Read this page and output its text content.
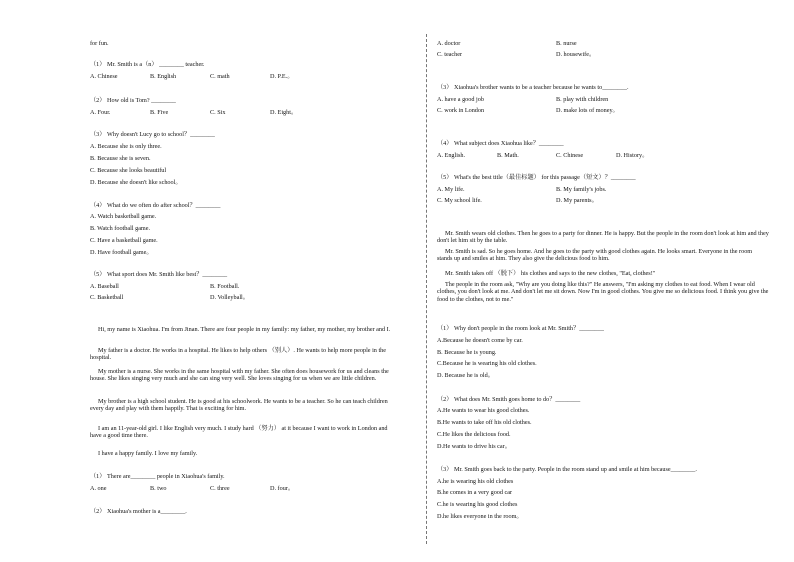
for fun.
（1） Mr. Smith is a（n） ________ teacher.
A. Chinese	B. English	C. math	D. P.E.。
（2） How old is Tom? ________
A. Four.	B. Five	C. Six	D. Eight。
（3） Why doesn't Lucy go to school？________
A. Because she is only three.
B. Because she is seven.
C. Because she looks beautiful
D. Because she doesn't like school。
（4） What do we often do after school？________
A. Watch basketball game.
B. Watch football game.
C. Have a basketball game.
D. Have football game。
（5） What sport does Mr. Smith like best？________
A. Baseball	B. Football.
C. Basketball	D. Volleyball。
Hi, my name is Xiaohua. I'm from Jinan. There are four people in my family: my father, my mother, my brother and I.
My father is a doctor. He works in a hospital. He likes to help others （别人）. He wants to help more people in the hospital.
My mother is a nurse. She works in the same hospital with my father. She often does housework for us and cleans the house. She likes singing very much and she can sing very well. She loves singing for us when we are little children.
My brother is a high school student. He is good at his schoolwork. He wants to be a teacher. So he can teach children every day and play with them happily. That is exciting for him.
I am an 11-year-old girl. I like English very much. I study hard （努力） at it because I want to work in London and have a good time there.
I have a happy family. I love my family.
（1） There are________ people in Xiaohua's family.
A. one	B. two	C. three	D. four。
（2） Xiaohua's mother is a________.
A. doctor	B. nurse
C. teacher	D. housewife。
（3） Xiaohua's brother wants to be a teacher because he wants to________.
A. have a good job	B. play with children
C. work in London	D. make lots of money。
（4） What subject does Xiaohua like？________
A. English.	B. Math.	C. Chinese	D. History。
（5） What's the best title（最佳标题） for this passage（短文）？________
A. My life.	B. My family's jobs.
C. My school life.	D. My parents。
Mr. Smith wears old clothes. Then he goes to a party for dinner. He is happy. But the people in the room don't look at him and they don't let him sit by the table.
Mr. Smith is sad. So he goes home. And he goes to the party with good clothes again. He looks smart. Everyone in the room stands up and smiles at him. They also give the delicious food to him.
Mr. Smith takes off （脱下） his clothes and says to the new clothes, "Eat, clothes!"
The people in the room ask, "Why are you doing like this?" He answers, "I'm asking my clothes to eat food. When I wear old clothes, you don't look at me. And don't let me sit down. Now I'm in good clothes. You give me so delicious food. I think you give the food to the clothes, not to me."
（1） Why don't people in the room look at Mr. Smith？________
A.Because he doesn't come by car.
B. Because he is young.
C.Because he is wearing his old clothes.
D. Because he is old。
（2） What does Mr. Smith goes home to do？________
A.He wants to wear his good clothes.
B.He wants to take off his old clothes.
C.He likes the delicious food.
D.He wants to drive his car。
（3） Mr. Smith goes back to the party. People in the room stand up and smile at him because________.
A.he is wearing his old clothes
B.he comes in a very good car
C.he is wearing his good clothes
D.he likes everyone in the room。
